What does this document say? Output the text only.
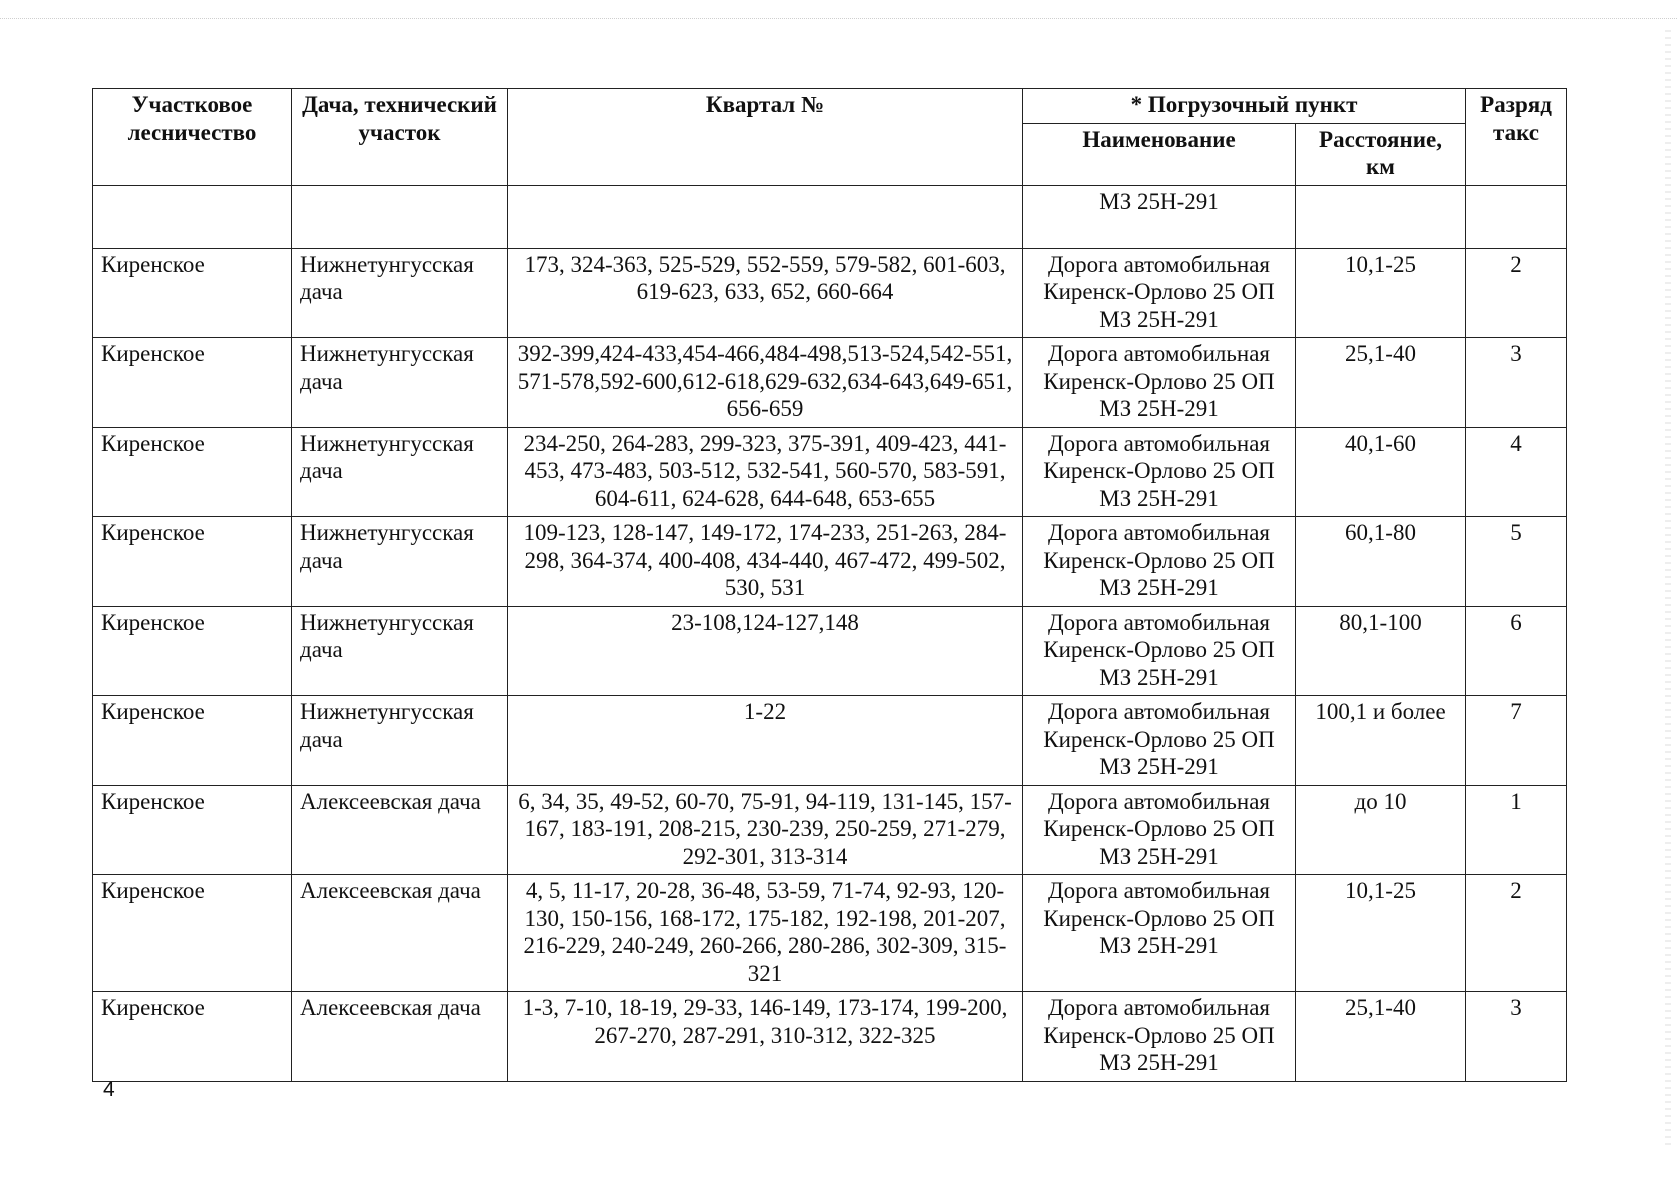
Участковое лесничество	Дача, технический участок	Квартал №	* Погрузочный пункт		Разряд такс
			Наименование	Расстояние, км	
			МЗ 25Н-291		
Киренское	Нижнетунгусская дача	173, 324-363, 525-529, 552-559, 579-582, 601-603, 619-623, 633, 652, 660-664	Дорога автомобильная Киренск-Орлово 25 ОП МЗ 25Н-291	10,1-25	2
Киренское	Нижнетунгусская дача	392-399,424-433,454-466,484-498,513-524,542-551,571-578,592-600,612-618,629-632,634-643,649-651,656-659	Дорога автомобильная Киренск-Орлово 25 ОП МЗ 25Н-291	25,1-40	3
Киренское	Нижнетунгусская дача	234-250, 264-283, 299-323, 375-391, 409-423, 441-453, 473-483, 503-512, 532-541, 560-570, 583-591, 604-611, 624-628, 644-648, 653-655	Дорога автомобильная Киренск-Орлово 25 ОП МЗ 25Н-291	40,1-60	4
Киренское	Нижнетунгусская дача	109-123, 128-147, 149-172, 174-233, 251-263, 284-298, 364-374, 400-408, 434-440, 467-472, 499-502, 530, 531	Дорога автомобильная Киренск-Орлово 25 ОП МЗ 25Н-291	60,1-80	5
Киренское	Нижнетунгусская дача	23-108,124-127,148	Дорога автомобильная Киренск-Орлово 25 ОП МЗ 25Н-291	80,1-100	6
Киренское	Нижнетунгусская дача	1-22	Дорога автомобильная Киренск-Орлово 25 ОП МЗ 25Н-291	100,1 и более	7
Киренское	Алексеевская дача	6, 34, 35, 49-52, 60-70, 75-91, 94-119, 131-145, 157-167, 183-191, 208-215, 230-239, 250-259, 271-279, 292-301, 313-314	Дорога автомобильная Киренск-Орлово 25 ОП МЗ 25Н-291	до 10	1
Киренское	Алексеевская дача	4, 5, 11-17, 20-28, 36-48, 53-59, 71-74, 92-93, 120-130, 150-156, 168-172, 175-182, 192-198, 201-207, 216-229, 240-249, 260-266, 280-286, 302-309, 315-321	Дорога автомобильная Киренск-Орлово 25 ОП МЗ 25Н-291	10,1-25	2
Киренское	Алексеевская дача	1-3, 7-10, 18-19, 29-33, 146-149, 173-174, 199-200, 267-270, 287-291, 310-312, 322-325	Дорога автомобильная Киренск-Орлово 25 ОП МЗ 25Н-291	25,1-40	3
4
